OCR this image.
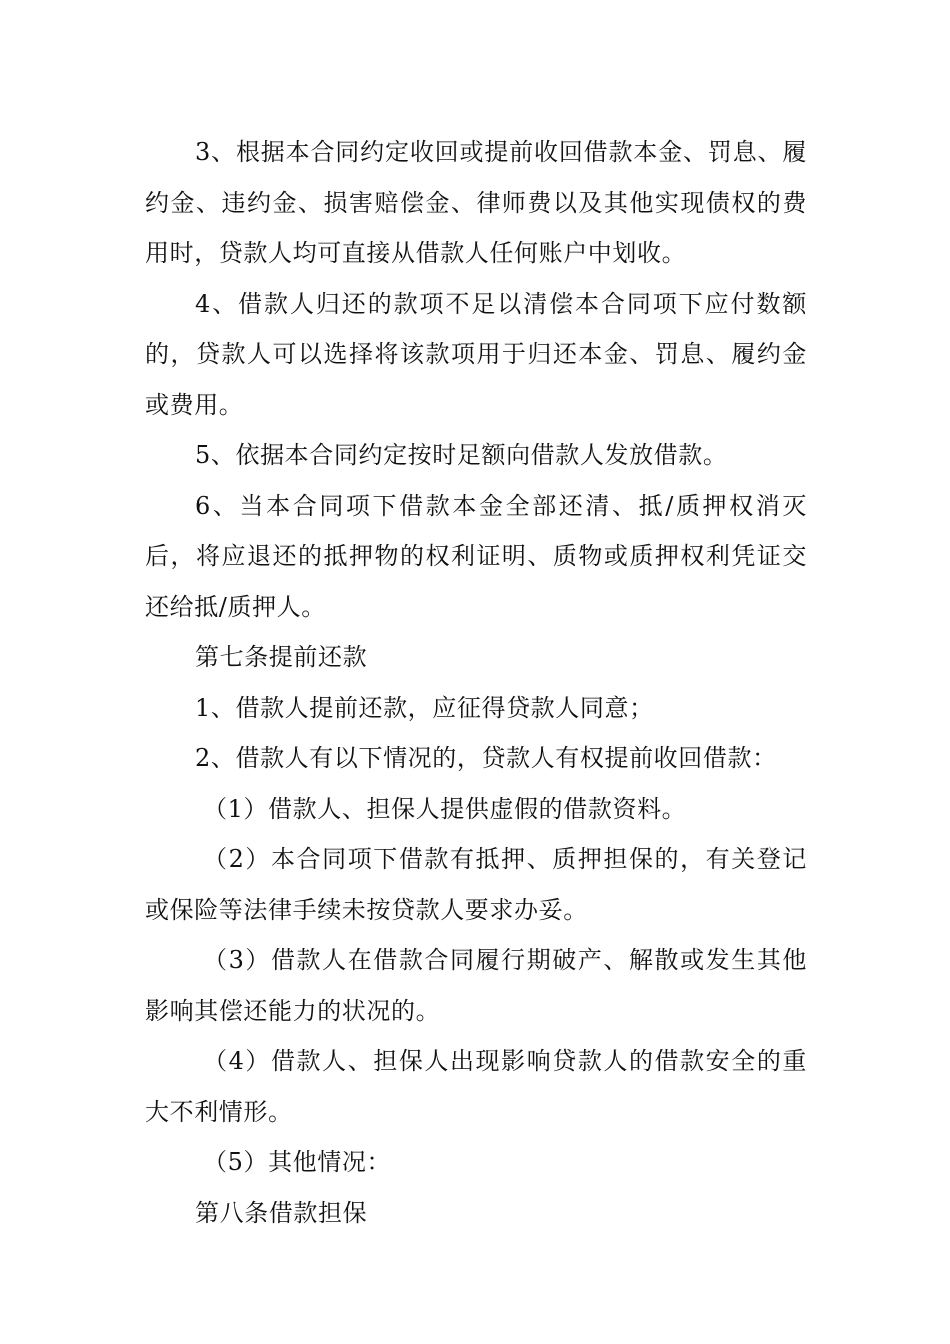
3、根据本合同约定收回或提前收回借款本金、罚息、履约金、违约金、损害赔偿金、律师费以及其他实现债权的费用时，贷款人均可直接从借款人任何账户中划收。

4、借款人归还的款项不足以清偿本合同项下应付数额的，贷款人可以选择将该款项用于归还本金、罚息、履约金或费用。

5、依据本合同约定按时足额向借款人发放借款。

6、当本合同项下借款本金全部还清、抵/质押权消灭后，将应退还的抵押物的权利证明、质物或质押权利凭证交还给抵/质押人。

第七条提前还款

1、借款人提前还款，应征得贷款人同意；

2、借款人有以下情况的，贷款人有权提前收回借款：

（1）借款人、担保人提供虚假的借款资料。

（2）本合同项下借款有抵押、质押担保的，有关登记或保险等法律手续未按贷款人要求办妥。

（3）借款人在借款合同履行期破产、解散或发生其他影响其偿还能力的状况的。

（4）借款人、担保人出现影响贷款人的借款安全的重大不利情形。

（5）其他情况：

第八条借款担保
